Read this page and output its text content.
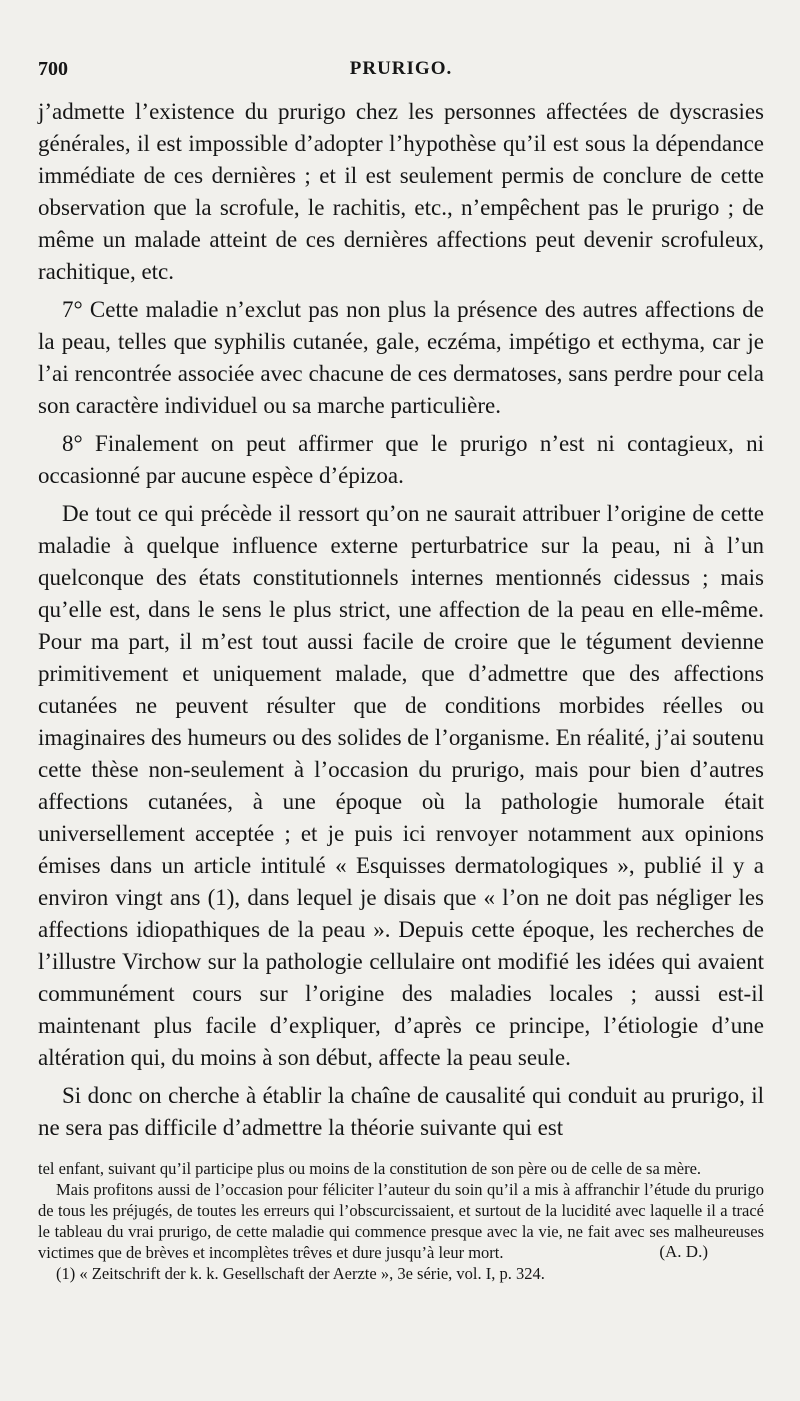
700	PRURIGO.

j’admette l’existence du prurigo chez les personnes affectées de dyscrasies générales, il est impossible d’adopter l’hypothèse qu’il est sous la dépendance immédiate de ces dernières ; et il est seulement permis de conclure de cette observation que la scrofule, le rachitis, etc., n’empêchent pas le prurigo ; de même un malade atteint de ces dernières affections peut devenir scrofuleux, rachitique, etc.

7° Cette maladie n’exclut pas non plus la présence des autres affections de la peau, telles que syphilis cutanée, gale, eczéma, impétigo et ecthyma, car je l’ai rencontrée associée avec chacune de ces dermatoses, sans perdre pour cela son caractère individuel ou sa marche particulière.

8° Finalement on peut affirmer que le prurigo n’est ni contagieux, ni occasionné par aucune espèce d’épizoa.

De tout ce qui précède il ressort qu’on ne saurait attribuer l’origine de cette maladie à quelque influence externe perturbatrice sur la peau, ni à l’un quelconque des états constitutionnels internes mentionnés cidessus ; mais qu’elle est, dans le sens le plus strict, une affection de la peau en elle-même. Pour ma part, il m’est tout aussi facile de croire que le tégument devienne primitivement et uniquement malade, que d’admettre que des affections cutanées ne peuvent résulter que de conditions morbides réelles ou imaginaires des humeurs ou des solides de l’organisme. En réalité, j’ai soutenu cette thèse non-seulement à l’occasion du prurigo, mais pour bien d’autres affections cutanées, à une époque où la pathologie humorale était universellement acceptée ; et je puis ici renvoyer notamment aux opinions émises dans un article intitulé « Esquisses dermatologiques », publié il y a environ vingt ans (1), dans lequel je disais que « l’on ne doit pas négliger les affections idiopathiques de la peau ». Depuis cette époque, les recherches de l’illustre Virchow sur la pathologie cellulaire ont modifié les idées qui avaient communément cours sur l’origine des maladies locales ; aussi est-il maintenant plus facile d’expliquer, d’après ce principe, l’étiologie d’une altération qui, du moins à son début, affecte la peau seule.

Si donc on cherche à établir la chaîne de causalité qui conduit au prurigo, il ne sera pas difficile d’admettre la théorie suivante qui est

tel enfant, suivant qu’il participe plus ou moins de la constitution de son père ou de celle de sa mère.

Mais profitons aussi de l’occasion pour féliciter l’auteur du soin qu’il a mis à affranchir l’étude du prurigo de tous les préjugés, de toutes les erreurs qui l’obscurcissaient, et surtout de la lucidité avec laquelle il a tracé le tableau du vrai prurigo, de cette maladie qui commence presque avec la vie, ne fait avec ses malheureuses victimes que de brèves et incomplètes trêves et dure jusqu’à leur mort.	(A. D.)

(1) « Zeitschrift der k. k. Gesellschaft der Aerzte », 3e série, vol. I, p. 324.
